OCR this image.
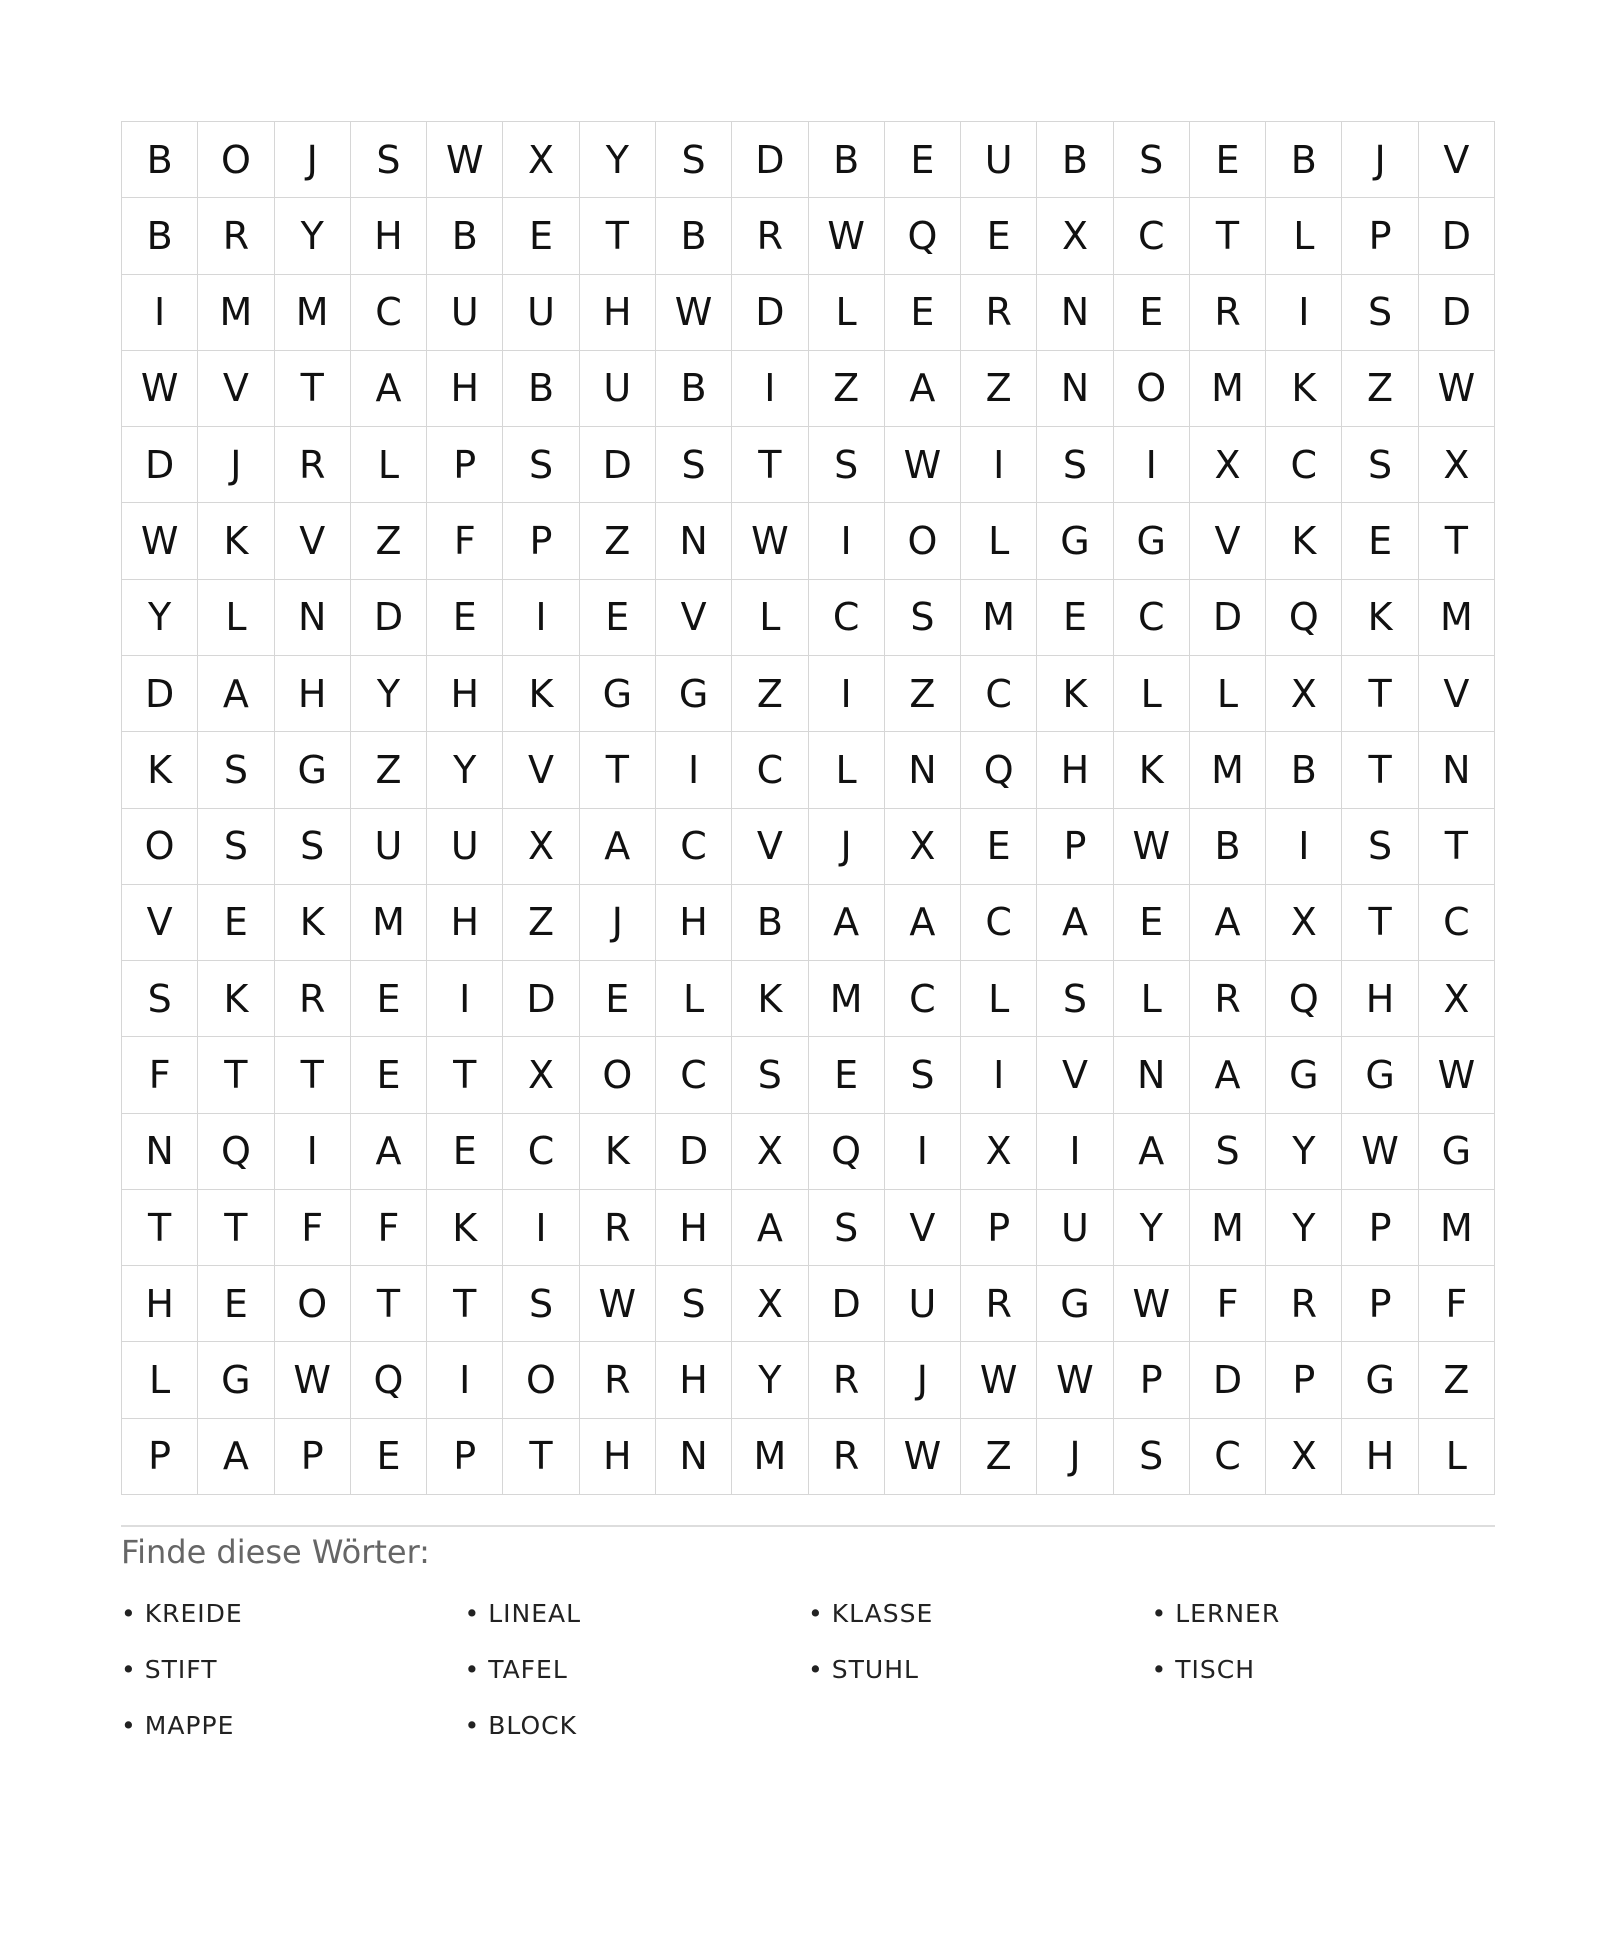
B	O	J	S	W	X	Y	S	D	B	E	U	B	S	E	B	J	V
B	R	Y	H	B	E	T	B	R	W	Q	E	X	C	T	L	P	D
I	M	M	C	U	U	H	W	D	L	E	R	N	E	R	I	S	D
W	V	T	A	H	B	U	B	I	Z	A	Z	N	O	M	K	Z	W
D	J	R	L	P	S	D	S	T	S	W	I	S	I	X	C	S	X
W	K	V	Z	F	P	Z	N	W	I	O	L	G	G	V	K	E	T
Y	L	N	D	E	I	E	V	L	C	S	M	E	C	D	Q	K	M
D	A	H	Y	H	K	G	G	Z	I	Z	C	K	L	L	X	T	V
K	S	G	Z	Y	V	T	I	C	L	N	Q	H	K	M	B	T	N
O	S	S	U	U	X	A	C	V	J	X	E	P	W	B	I	S	T
V	E	K	M	H	Z	J	H	B	A	A	C	A	E	A	X	T	C
S	K	R	E	I	D	E	L	K	M	C	L	S	L	R	Q	H	X
F	T	T	E	T	X	O	C	S	E	S	I	V	N	A	G	G	W
N	Q	I	A	E	C	K	D	X	Q	I	X	I	A	S	Y	W	G
T	T	F	F	K	I	R	H	A	S	V	P	U	Y	M	Y	P	M
H	E	O	T	T	S	W	S	X	D	U	R	G	W	F	R	P	F
L	G	W	Q	I	O	R	H	Y	R	J	W	W	P	D	P	G	Z
P	A	P	E	P	T	H	N	M	R	W	Z	J	S	C	X	H	L
Finde diese Wörter:
• KREIDE	• LINEAL	• KLASSE	• LERNER
• STIFT	• TAFEL	• STUHL	• TISCH
• MAPPE	• BLOCK
